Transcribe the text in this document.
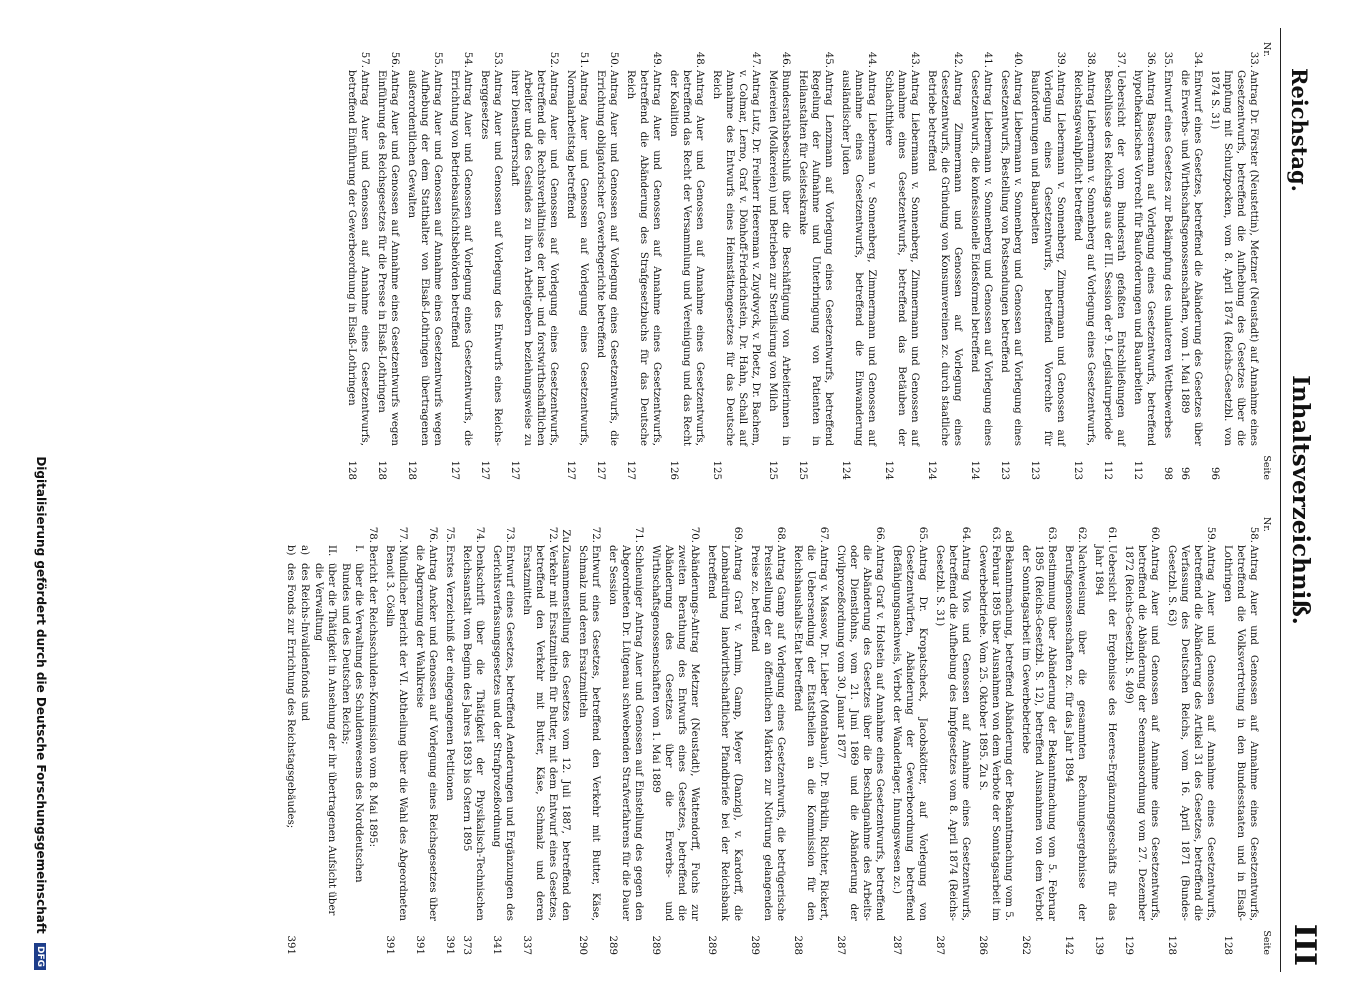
Reichstag.
Inhaltsverzeichniß.
III
Nr.
Seite
33.
Antrag Dr. Förster (Neustettin), Metzner (Neustadt) auf Annahme eines Gesetzentwurfs, betreffend die Aufhebung des Gesetzes über die Impfung mit Schutzpocken, vom 8. April 1874 (Reichs-Gesetzbl. von 1874 S. 31)
96
34.
Entwurf eines Gesetzes, betreffend die Abänderung des Gesetzes über die Erwerbs- und Wirthschaftsgenossenschaften, vom 1. Mai 1889
96
35.
Entwurf eines Gesetzes zur Bekämpfung des unlauteren Wettbewerbes
98
36.
Antrag Bassermann auf Vorlegung eines Gesetzentwurfs, betreffend hypothekarisches Vorrecht für Bauforderungen und Bauarbeiten
112
37.
Uebersicht der vom Bundesrath gefaßten Entschließungen auf Beschlüsse des Reichstags aus der III. Session der 9. Legislaturperiode
112
38.
Antrag Liebermann v. Sonnenberg auf Vorlegung eines Gesetzentwurfs, Reichstagswahlpflicht betreffend
123
39.
Antrag Liebermann v. Sonnenberg, Zimmermann und Genossen auf Vorlegung eines Gesetzentwurfs, betreffend Vorrechte für Bauforderungen und Bauarbeiten
123
40.
Antrag Liebermann v. Sonnenberg und Genossen auf Vorlegung eines Gesetzentwurfs, Bestellung von Postsendungen betreffend
123
41.
Antrag Liebermann v. Sonnenberg und Genossen auf Vorlegung eines Gesetzentwurfs, die konfessionelle Eidesformel betreffend
124
42.
Antrag Zimmermann und Genossen auf Vorlegung eines Gesetzentwurfs, die Gründung von Konsumvereinen zc. durch staatliche Betriebe betreffend
124
43.
Antrag Liebermann v. Sonnenberg, Zimmermann und Genossen auf Annahme eines Gesetzentwurfs, betreffend das Betäuben der Schlachtthiere
124
44.
Antrag Liebermann v. Sonnenberg, Zimmermann und Genossen auf Annahme eines Gesetzentwurfs, betreffend die Einwanderung ausländischer Juden
124
45.
Antrag Lenzmann auf Vorlegung eines Gesetzentwurfs, betreffend Regelung der Aufnahme und Unterbringung von Patienten in Heilanstalten für Geisteskranke
125
46.
Bundesrathsbeschluß über die Beschäftigung von Arbeiterinnen in Meiereien (Molkereien) und Betrieben zur Sterilisirung von Milch
125
47.
Antrag Lutz, Dr. Freiherr Heereman v. Zuydwyck, v. Ploetz, Dr. Bachem, v. Colmar, Lerno, Graf v. Dönhoff-Friedrichstein, Dr. Hahn, Schall auf Annahme des Entwurfs eines Heimstättengesetzes für das Deutsche Reich
125
48.
Antrag Auer und Genossen auf Annahme eines Gesetzentwurfs, betreffend das Recht der Versammlung und Vereinigung und das Recht der Koalition
126
49.
Antrag Auer und Genossen auf Annahme eines Gesetzentwurfs, betreffend die Abänderung des Strafgesetzbuchs für das Deutsche Reich
127
50.
Antrag Auer und Genossen auf Vorlegung eines Gesetzentwurfs, die Errichtung obligatorischer Gewerbegerichte betreffend
127
51.
Antrag Auer und Genossen auf Vorlegung eines Gesetzentwurfs, Normalarbeitstag betreffend
127
52.
Antrag Auer und Genossen auf Vorlegung eines Gesetzentwurfs, betreffend die Rechtsverhältnisse der land- und forstwirthschaftlichen Arbeiter und des Gesindes zu ihren Arbeitgebern beziehungsweise zu ihrer Dienstherrschaft
127
53.
Antrag Auer und Genossen auf Vorlegung des Entwurfs eines Reichs-Berggesetzes
127
54.
Antrag Auer und Genossen auf Vorlegung eines Gesetzentwurfs, die Errichtung von Betriebsaufsichtsbehörden betreffend
127
55.
Antrag Auer und Genossen auf Annahme eines Gesetzentwurfs wegen Aufhebung der dem Statthalter von Elsaß-Lothringen übertragenen außerordentlichen Gewalten
128
56.
Antrag Auer und Genossen auf Annahme eines Gesetzentwurfs wegen Einführung des Reichsgesetzes für die Presse in Elsaß-Lothringen
128
57.
Antrag Auer und Genossen auf Annahme eines Gesetzentwurfs, betreffend Einführung der Gewerbeordnung in Elsaß-Lothringen
128
Nr.
Seite
58.
Antrag Auer und Genossen auf Annahme eines Gesetzentwurfs, betreffend die Volksvertretung in den Bundesstaaten und in Elsaß-Lothringen
128
59.
Antrag Auer und Genossen auf Annahme eines Gesetzentwurfs, betreffend die Abänderung des Artikel 31 des Gesetzes, betreffend die Verfassung des Deutschen Reichs, vom 16. April 1871 (Bundes-Gesetzbl. S. 63)
128
60.
Antrag Auer und Genossen auf Annahme eines Gesetzentwurfs, betreffend die Abänderung der Seemannsordnung vom 27. Dezember 1872 (Reichs-Gesetzbl. S. 409)
129
61.
Uebersicht der Ergebnisse des Heeres-Ergänzungsgeschäfts für das Jahr 1894
139
62.
Nachweisung über die gesammten Rechnungsergebnisse der Berufsgenossenschaften zc. für das Jahr 1894
142
63.
Bestimmung über Abänderung der Bekanntmachung vom 5. Februar 1895 (Reichs-Gesetzbl. S. 12), betreffend Ausnahmen von dem Verbot der Sonntagsarbeit im Gewerbebetriebe
262
ad 63.
Bekanntmachung, betreffend Abänderung der Bekanntmachung vom 5. Februar 1895 über Ausnahmen von dem Verbote der Sonntagsarbeit im Gewerbebetriebe. Vom 25. Oktober 1895. Zu S.
286
64.
Antrag Vlos und Genossen auf Annahme eines Gesetzentwurfs, betreffend die Aufhebung des Impfgesetzes vom 8. April 1874 (Reichs-Gesetzbl. S. 31)
287
65.
Antrag Dr. Kropatscheck, Jacobskötter, auf Vorlegung von Gesetzentwürfen, Abänderung der Gewerbeordnung betreffend (Befähigungsnachweis, Verbot der Wanderlager, Innungswesen zc.)
287
66.
Antrag Graf v. Holstein auf Annahme eines Gesetzentwurfs, betreffend die Abänderung des Gesetzes über die Beschlagnahme des Arbeits- oder Dienstlohns, vom 21. Juni 1869 und die Abänderung der Civilprozeßordnung vom 30. Januar 1877
287
67.
Antrag v. Massow, Dr. Lieber (Montabaur), Dr. Bürklin, Richter, Rickert, die Uebersendung der Etatstheilen an die Kommission für den Reichshaushalts-Etat betreffend
288
68.
Antrag Gamp auf Vorlegung eines Gesetzentwurfs, die betrügerische Preisstellung der an öffentlichen Märkten zur Notirung gelangenden Preise zc. betreffend
289
69.
Antrag Graf v. Arnim, Gamp, Meyer (Danzig), v. Kardorff, die Lombardirung landwirthschaftlicher Pfandbriefe bei der Reichsbank betreffend
289
70.
Abänderungs-Antrag Metzner (Neustadt), Wattendorff, Fuchs zur zweiten Berathung des Entwurfs eines Gesetzes, betreffend die Abänderung des Gesetzes über die Erwerbs- und Wirthschaftsgenossenschaften vom 1. Mai 1889
289
71.
Schleuniger Antrag Auer und Genossen auf Einstellung des gegen den Abgeordneten Dr. Lütgenau schwebenden Strafverfahrens für die Dauer der Session
289
72.
Entwurf eines Gesetzes, betreffend den Verkehr mit Butter, Käse, Schmalz und deren Ersatzmitteln
290
Zu 72.
Zusammenstellung des Gesetzes vom 12. Juli 1887, betreffend den Verkehr mit Ersatzmitteln für Butter, mit dem Entwurf eines Gesetzes, betreffend den Verkehr mit Butter, Käse, Schmalz und deren Ersatzmitteln
337
73.
Entwurf eines Gesetzes, betreffend Aenderungen und Ergänzungen des Gerichtsverfassungsgesetzes und der Strafprozeßordnung
341
74.
Denkschrift über die Thätigkeit der Physikalisch-Technischen Reichsanstalt vom Beginn des Jahres 1893 bis Ostern 1895
373
75.
Erstes Verzeichniß der eingegangenen Petitionen
391
76.
Antrag Ancker und Genossen auf Vorlegung eines Reichsgesetzes über die Abgrenzung der Wahlkreise
391
77.
Mündlicher Bericht der VI. Abtheilung über die Wahl des Abgeordneten Benoit 3. Cöslin
391
78.
Bericht der Reichsschulden-Kommission vom 8. Mai 1895:
I.
über die Verwaltung des Schuldenwesens des Norddeutschen Bundes und des Deutschen Reichs;
II.
über die Thätigkeit in Ansehung der ihr übertragenen Aufsicht über die Verwaltung
a)
des Reichs-Invalidenfonds und
b)
des Fonds zur Errichtung des Reichstagsgebäudes;
391
Digitalisierung gefördert durch die Deutsche Forschungsgemeinschaft DFG
